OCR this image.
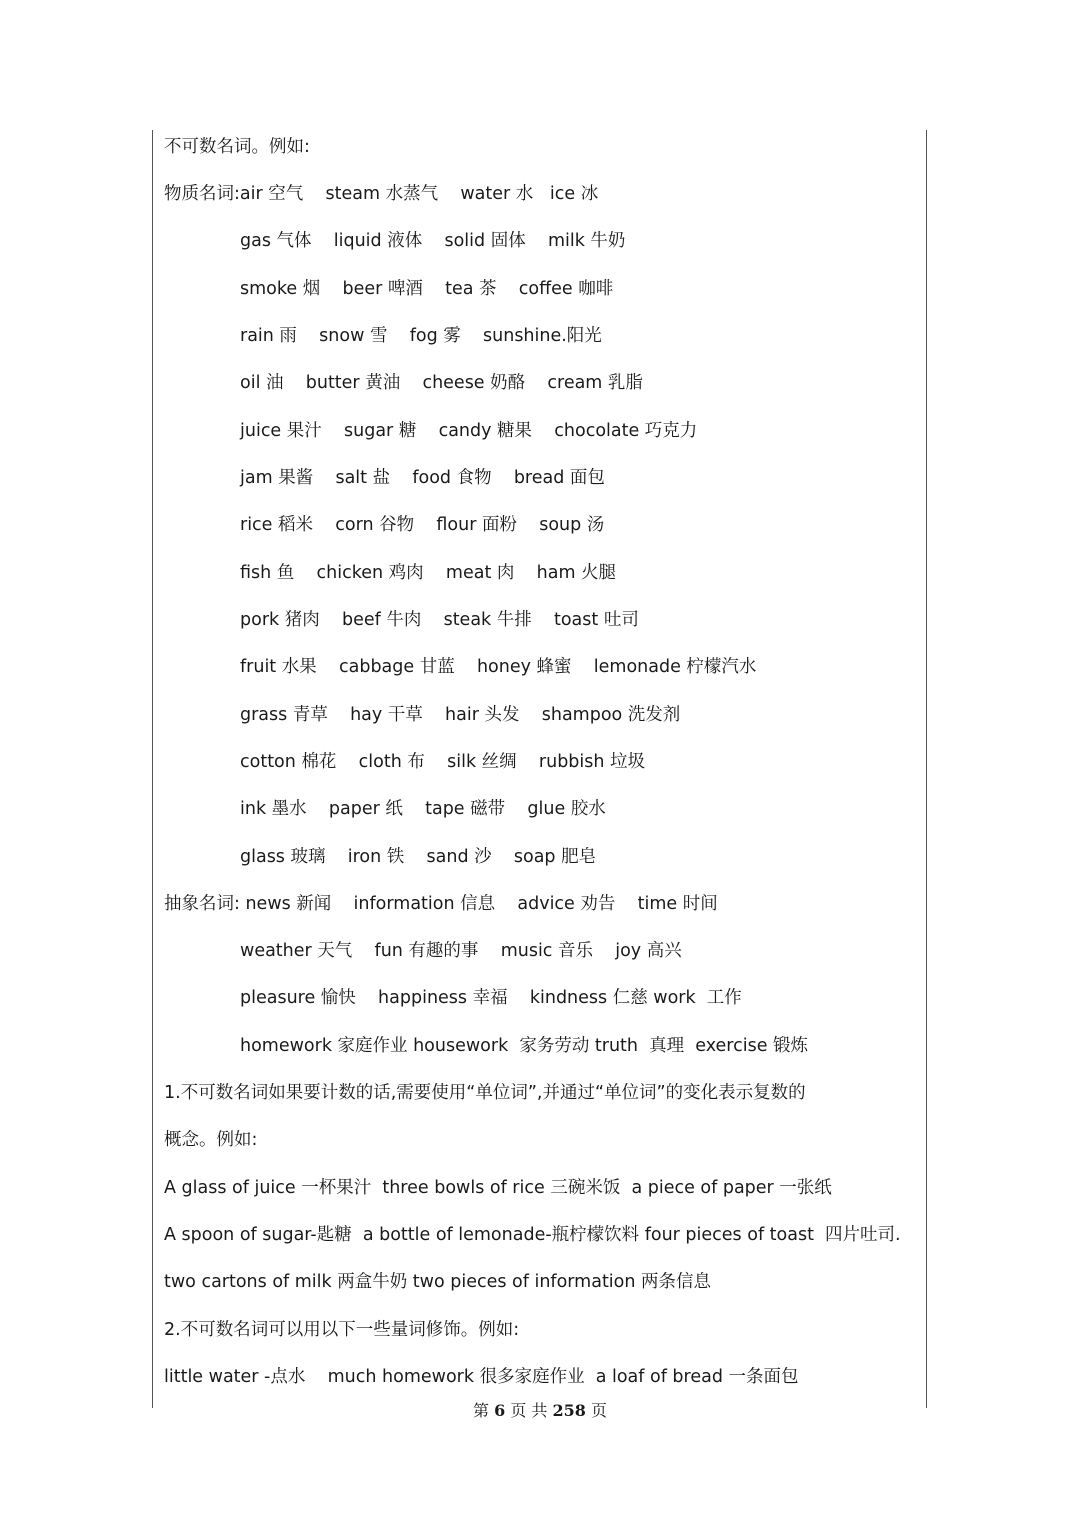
不可数名词。例如:
物质名词:air 空气    steam 水蒸气    water 水   ice 冰
gas 气体    liquid 液体    solid 固体    milk 牛奶
smoke 烟    beer 啤酒    tea 茶    coffee 咖啡
rain 雨    snow 雪    fog 雾    sunshine.阳光
oil 油    butter 黄油    cheese 奶酪    cream 乳脂
juice 果汁    sugar 糖    candy 糖果    chocolate 巧克力
jam 果酱    salt 盐    food 食物    bread 面包
rice 稻米    corn 谷物    flour 面粉    soup 汤
fish 鱼    chicken 鸡肉    meat 肉    ham 火腿
pork 猪肉    beef 牛肉    steak 牛排    toast 吐司
fruit 水果    cabbage 甘蓝    honey 蜂蜜    lemonade 柠檬汽水
grass 青草    hay 干草    hair 头发    shampoo 洗发剂
cotton 棉花    cloth 布    silk 丝绸    rubbish 垃圾
ink 墨水    paper 纸    tape 磁带    glue 胶水
glass 玻璃    iron 铁    sand 沙    soap 肥皂
抽象名词: news 新闻    information 信息    advice 劝告    time 时间
weather 天气    fun 有趣的事    music 音乐    joy 高兴
pleasure 愉快    happiness 幸福    kindness 仁慈 work  工作
homework 家庭作业 housework  家务劳动 truth  真理  exercise 锻炼
1.不可数名词如果要计数的话,需要使用“单位词”,并通过“单位词”的变化表示复数的
概念。例如:
A glass of juice 一杯果汁  three bowls of rice 三碗米饭  a piece of paper 一张纸
A spoon of sugar-匙糖  a bottle of lemonade-瓶柠檬饮料 four pieces of toast  四片吐司.
two cartons of milk 两盒牛奶 two pieces of information 两条信息
2.不可数名词可以用以下一些量词修饰。例如:
little water -点水    much homework 很多家庭作业  a loaf of bread 一条面包
第 6 页 共 258 页
